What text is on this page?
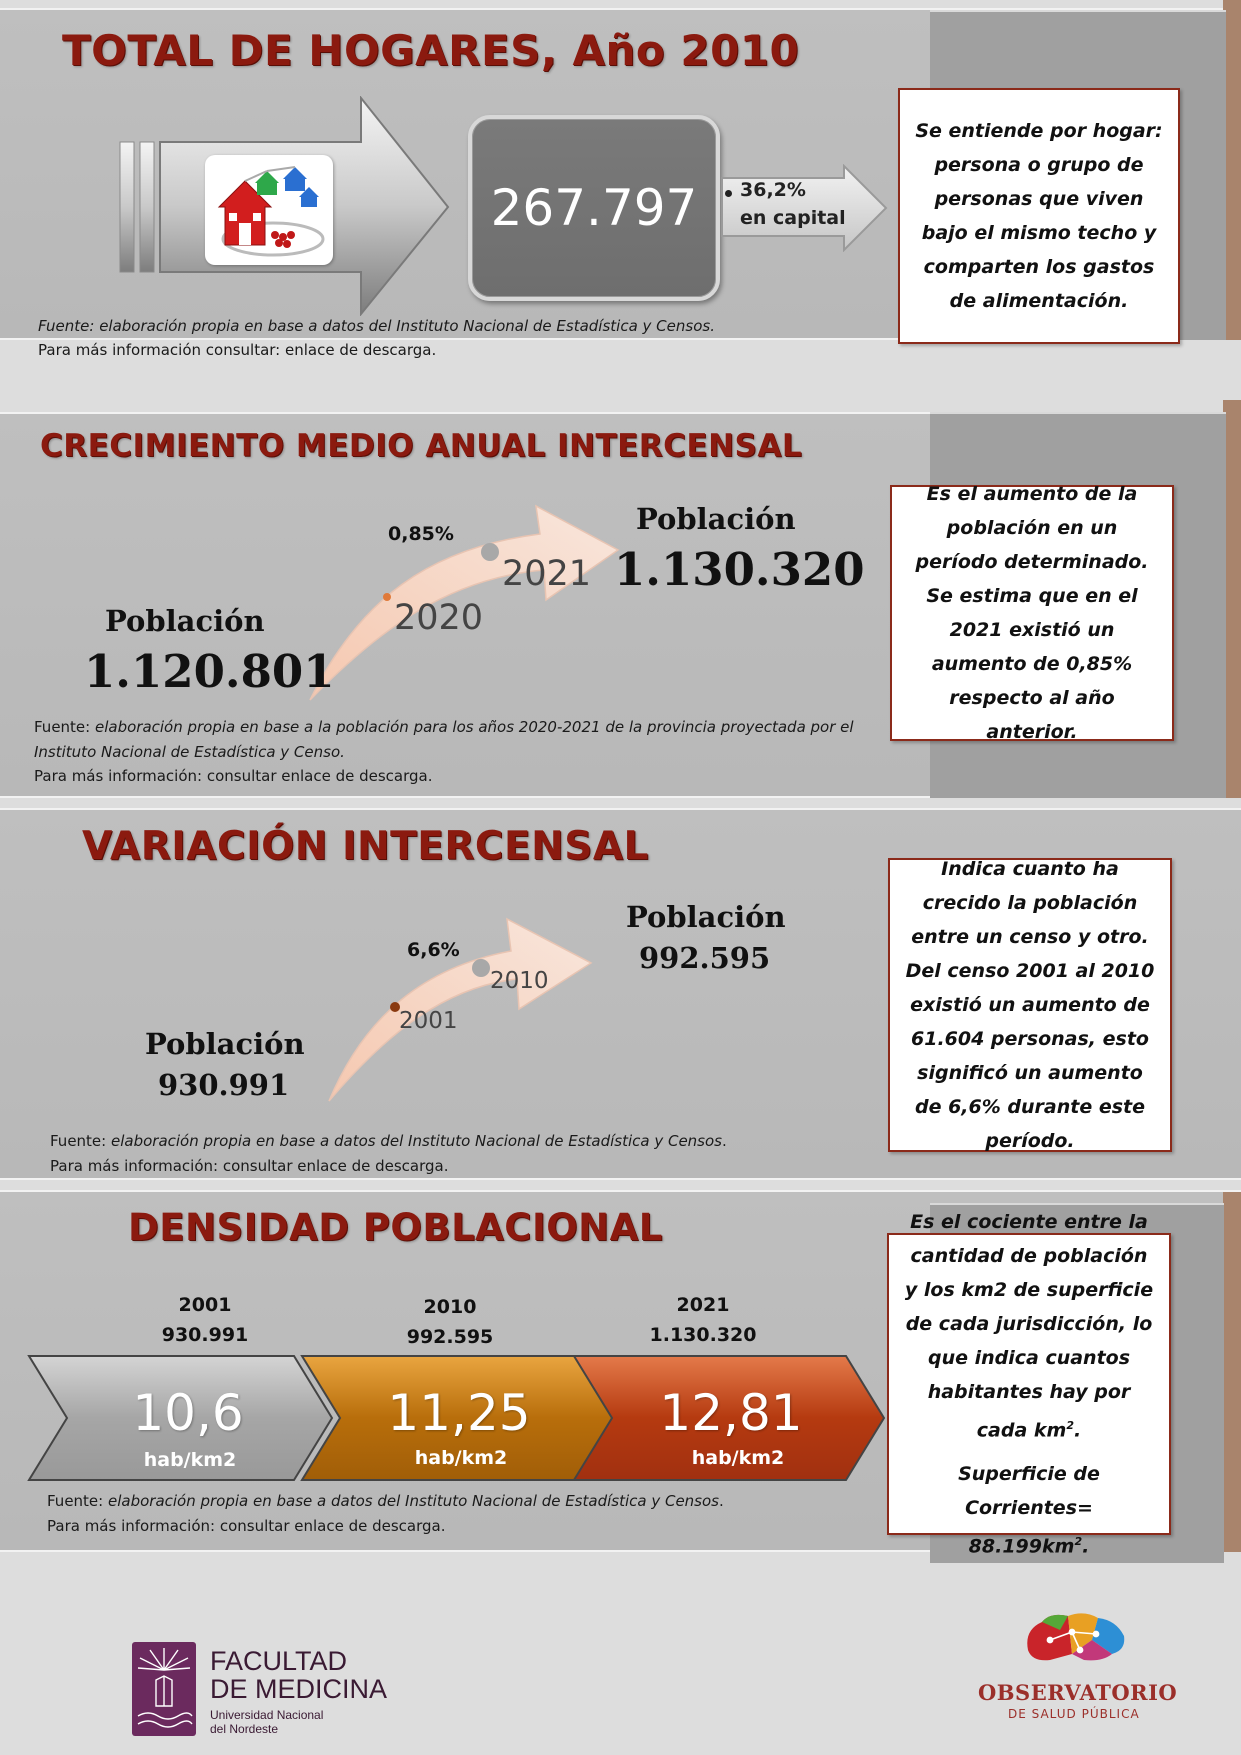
TOTAL DE HOGARES, Año 2010
267.797 36,2%
en capital
Se entiende por hogar: persona o grupo de personas que viven bajo el mismo techo y comparten los gastos de alimentación.
Fuente: elaboración propia en base a datos del Instituto Nacional de Estadística y Censos.
Para más información consultar: enlace de descarga.
CRECIMIENTO MEDIO ANUAL INTERCENSAL
0,85%
2020
2021
Población
1.120.801
Población
1.130.320
Es el aumento de la población en un período determinado. Se estima que en el 2021 existió un aumento de 0,85% respecto al año anterior.
Fuente: elaboración propia en base a la población para los años 2020-2021 de la provincia proyectada por el Instituto Nacional de Estadística y Censo.
Para más información: consultar enlace de descarga.
VARIACIÓN INTERCENSAL
6,6%
2001
2010
Población
930.991
Población
992.595
Indica cuanto ha crecido la población entre un censo y otro. Del censo 2001 al 2010 existió un aumento de 61.604 personas, esto significó un aumento de 6,6% durante este período.
Fuente: elaboración propia en base a datos del Instituto Nacional de Estadística y Censos.
Para más información: consultar enlace de descarga.
DENSIDAD POBLACIONAL
2001
930.991
2010
992.595
2021
1.130.320
10,6
hab/km2
11,25
hab/km2
12,81
hab/km2
Es el cociente entre la cantidad de población y los km2 de superficie de cada jurisdicción, lo que indica cuantos habitantes hay por cada $km^2$.
Superficie de Corrientes=
$88.199km^2$.
Fuente: elaboración propia en base a datos del Instituto Nacional de Estadística y Censos.
Para más información: consultar enlace de descarga.
FACULTAD
DE MEDICINA
Universidad Nacional
del Nordeste
OBSERVATORIO
DE SALUD PÚBLICA
